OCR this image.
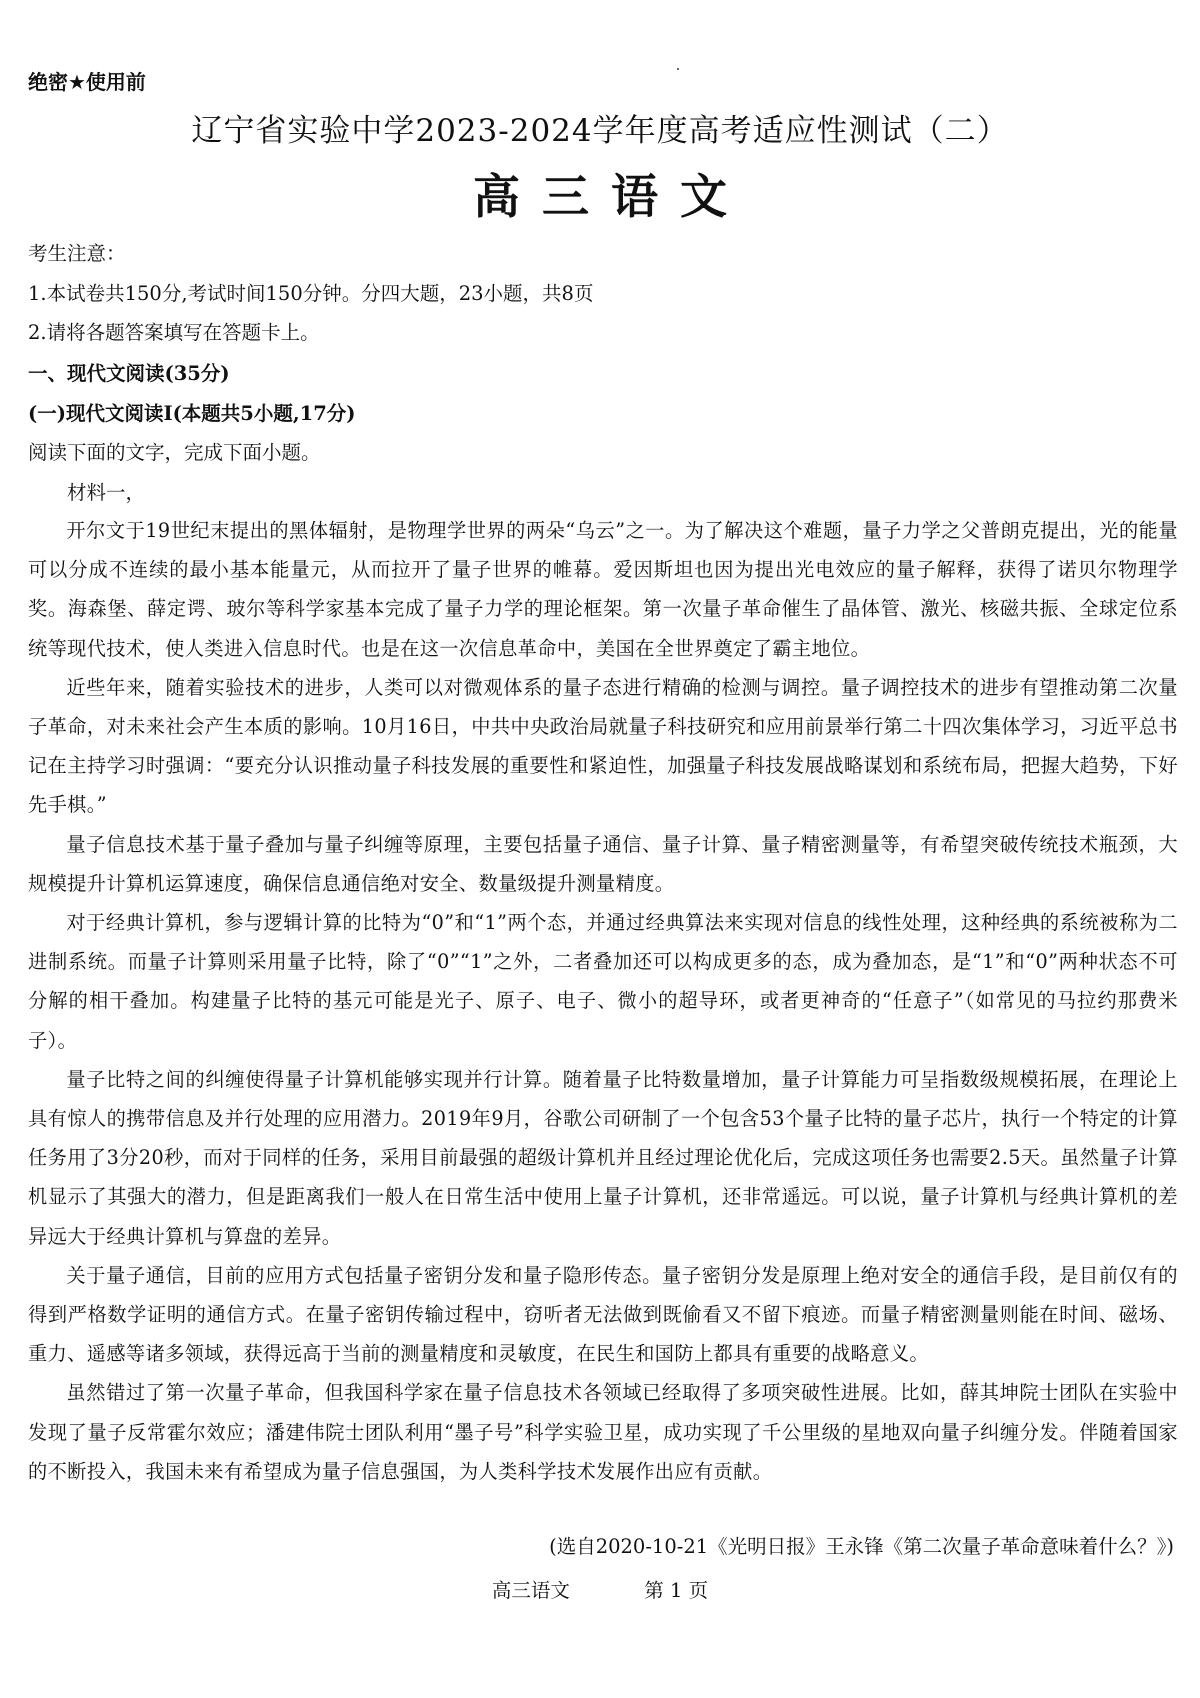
绝密★使用前
辽宁省实验中学2023-2024学年度高考适应性测试（二）
高三语文
考生注意：
1.本试卷共150分,考试时间150分钟。分四大题，23小题，共8页
2.请将各题答案填写在答题卡上。
一、现代文阅读(35分)
(一)现代文阅读Ⅰ(本题共5小题,17分)
阅读下面的文字，完成下面小题。
材料一，

开尔文于19世纪末提出的黑体辐射，是物理学世界的两朵“乌云”之一。为了解决这个难题，量子力学之父普朗克提出，光的能量可以分成不连续的最小基本能量元，从而拉开了量子世界的帷幕。爱因斯坦也因为提出光电效应的量子解释，获得了诺贝尔物理学奖。海森堡、薛定谔、玻尔等科学家基本完成了量子力学的理论框架。第一次量子革命催生了晶体管、激光、核磁共振、全球定位系统等现代技术，使人类进入信息时代。也是在这一次信息革命中，美国在全世界奠定了霸主地位。

近些年来，随着实验技术的进步，人类可以对微观体系的量子态进行精确的检测与调控。量子调控技术的进步有望推动第二次量子革命，对未来社会产生本质的影响。10月16日，中共中央政治局就量子科技研究和应用前景举行第二十四次集体学习，习近平总书记在主持学习时强调：“要充分认识推动量子科技发展的重要性和紧迫性，加强量子科技发展战略谋划和系统布局，把握大趋势，下好先手棋。”

量子信息技术基于量子叠加与量子纠缠等原理，主要包括量子通信、量子计算、量子精密测量等，有希望突破传统技术瓶颈，大规模提升计算机运算速度，确保信息通信绝对安全、数量级提升测量精度。

对于经典计算机，参与逻辑计算的比特为“0”和“1”两个态，并通过经典算法来实现对信息的线性处理，这种经典的系统被称为二进制系统。而量子计算则采用量子比特，除了“0”“1”之外，二者叠加还可以构成更多的态，成为叠加态，是“1”和“0”两种状态不可分解的相干叠加。构建量子比特的基元可能是光子、原子、电子、微小的超导环，或者更神奇的“任意子”（如常见的马拉约那费米子）。

量子比特之间的纠缠使得量子计算机能够实现并行计算。随着量子比特数量增加，量子计算能力可呈指数级规模拓展，在理论上具有惊人的携带信息及并行处理的应用潜力。2019年9月，谷歌公司研制了一个包含53个量子比特的量子芯片，执行一个特定的计算任务用了3分20秒，而对于同样的任务，采用目前最强的超级计算机并且经过理论优化后，完成这项任务也需要2.5天。虽然量子计算机显示了其强大的潜力，但是距离我们一般人在日常生活中使用上量子计算机，还非常遥远。可以说，量子计算机与经典计算机的差异远大于经典计算机与算盘的差异。

关于量子通信，目前的应用方式包括量子密钥分发和量子隐形传态。量子密钥分发是原理上绝对安全的通信手段，是目前仅有的得到严格数学证明的通信方式。在量子密钥传输过程中，窃听者无法做到既偷看又不留下痕迹。而量子精密测量则能在时间、磁场、重力、遥感等诸多领域，获得远高于当前的测量精度和灵敏度，在民生和国防上都具有重要的战略意义。

虽然错过了第一次量子革命，但我国科学家在量子信息技术各领域已经取得了多项突破性进展。比如，薛其坤院士团队在实验中发现了量子反常霍尔效应；潘建伟院士团队利用“墨子号”科学实验卫星，成功实现了千公里级的星地双向量子纠缠分发。伴随着国家的不断投入，我国未来有希望成为量子信息强国，为人类科学技术发展作出应有贡献。

(选自2020-10-21《光明日报》王永锋《第二次量子革命意味着什么？》)
高三语文	第 1 页
